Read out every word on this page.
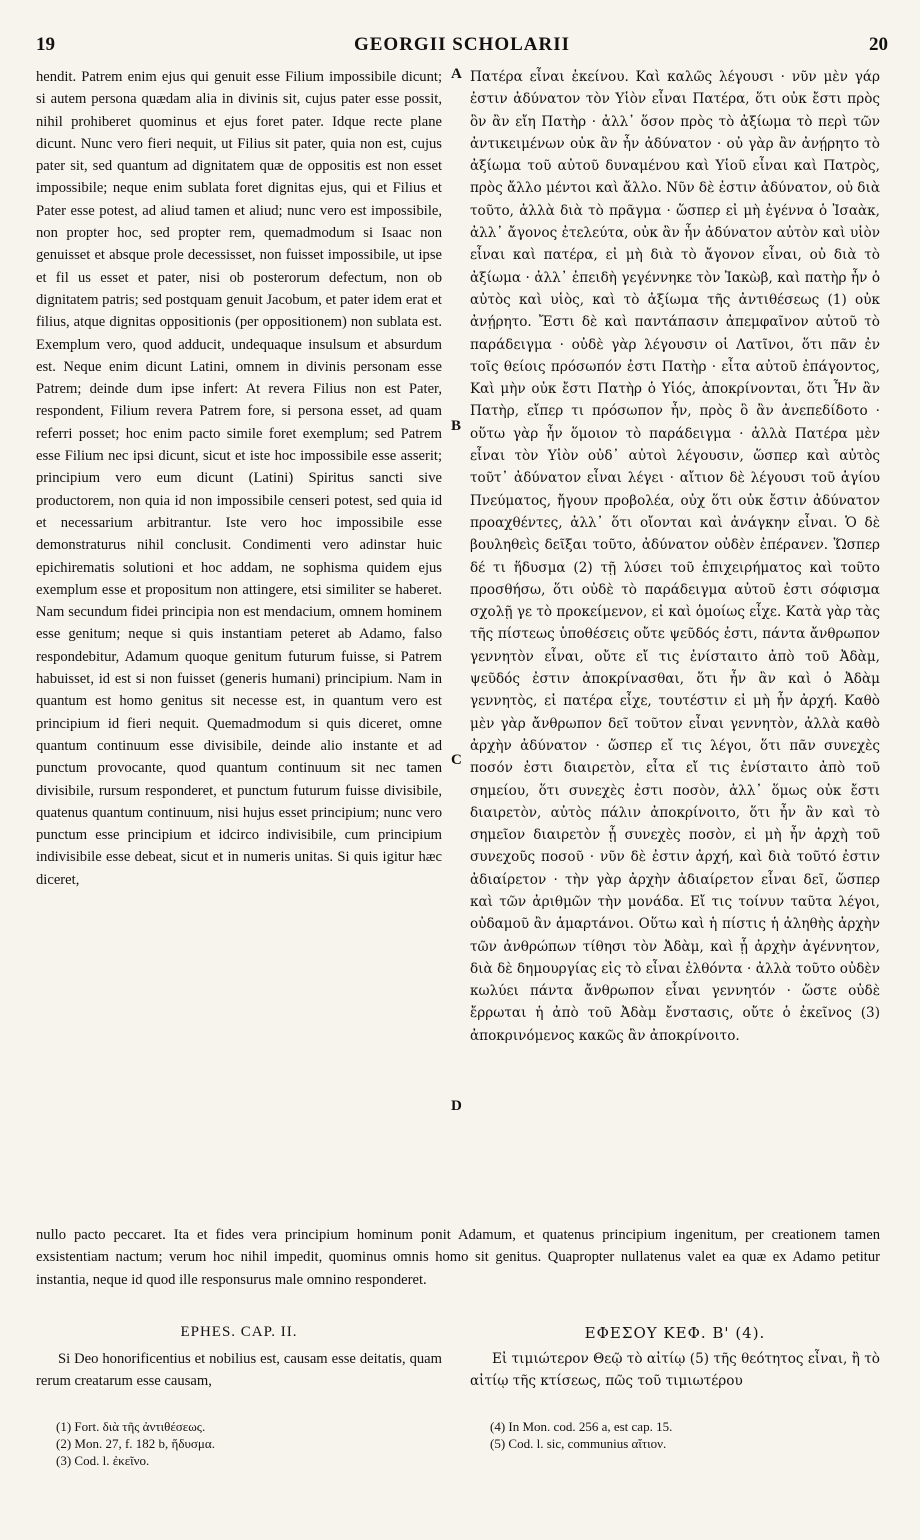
19	GEORGII SCHOLARII	20

hendit. Patrem enim ejus qui genuit esse Filium impossibile dicunt; si autem persona quædam alia in divinis sit, cujus pater esse possit, nihil prohiberet quominus et ejus foret pater. Idque recte plane dicunt. Nunc vero fieri nequit, ut Filius sit pater, quia non est, cujus pater sit, sed quantum ad dignitatem quæ de oppositis est non esset impossibile; neque enim sublata foret dignitas ejus, qui et Filius et Pater esse potest, ad aliud tamen et aliud; nunc vero est impossibile, non propter hoc, sed propter rem, quemadmodum si Isaac non genuisset et absque prole decessisset, non fuisset impossibile, ut ipse et fil us esset et pater, nisi ob posterorum defectum, non ob dignitatem patris; sed postquam genuit Jacobum, et pater idem erat et filius, atque dignitas oppositionis (per oppositionem) non sublata est. Exemplum vero, quod adducit, undequaque insulsum et absurdum est. Neque enim dicunt Latini, omnem in divinis personam esse Patrem; deinde dum ipse infert: At revera Filius non est Pater, respondent, Filium revera Patrem fore, si persona esset, ad quam referri posset; hoc enim pacto simile foret exemplum; sed Patrem esse Filium nec ipsi dicunt, sicut et iste hoc impossibile esse asserit; principium vero eum dicunt (Latini) Spiritus sancti sive productorem, non quia id non impossibile censeri potest, sed quia id et necessarium arbitrantur. Iste vero hoc impossibile esse demonstraturus nihil conclusit. Condimenti vero adinstar huic epichirematis solutioni et hoc addam, ne sophisma quidem ejus exemplum esse et propositum non attingere, etsi similiter se haberet. Nam secundum fidei principia non est mendacium, omnem hominem esse genitum; neque si quis instantiam peteret ab Adamo, falso respondebitur, Adamum quoque genitum futurum fuisse, si Patrem habuisset, id est si non fuisset (generis humani) principium. Nam in quantum est homo genitus sit necesse est, in quantum vero est principium id fieri nequit. Quemadmodum si quis diceret, omne quantum continuum esse divisibile, deinde alio instante et ad punctum provocante, quod quantum continuum sit nec tamen divisibile, rursum responderet, et punctum futurum fuisse divisibile, quatenus quantum continuum, nisi hujus esset principium; nunc vero punctum esse principium et idcirco indivisibile, cum principium indivisibile esse debeat, sicut et in numeris unitas. Si quis igitur hæc diceret,

A
B
C
D

Πατέρα εἶναι ἐκείνου. Καὶ καλῶς λέγουσι · νῦν μὲν γάρ ἐστιν ἀδύνατον τὸν Υἱὸν εἶναι Πατέρα, ὅτι οὐκ ἔστι πρὸς ὃν ἂν εἴη Πατὴρ · ἀλλ᾽ ὅσον πρὸς τὸ ἀξίωμα τὸ περὶ τῶν ἀντικειμένων οὐκ ἂν ἦν ἀδύνατον · οὐ γὰρ ἂν ἀνῄρητο τὸ ἀξίωμα τοῦ αὐτοῦ δυναμένου καὶ Υἱοῦ εἶναι καὶ Πατρὸς, πρὸς ἄλλο μέντοι καὶ ἄλλο. Νῦν δὲ ἐστιν ἀδύνατον, οὐ διὰ τοῦτο, ἀλλὰ διὰ τὸ πρᾶγμα · ὥσπερ εἰ μὴ ἐγέννα ὁ Ἰσαὰκ, ἀλλ᾽ ἄγονος ἐτελεύτα, οὐκ ἂν ἦν ἀδύνατον αὐτὸν καὶ υἱὸν εἶναι καὶ πατέρα, εἰ μὴ διὰ τὸ ἄγονον εἶναι, οὐ διὰ τὸ ἀξίωμα · ἀλλ᾽ ἐπειδὴ γεγέννηκε τὸν Ἰακὼβ, καὶ πατὴρ ἦν ὁ αὐτὸς καὶ υἱὸς, καὶ τὸ ἀξίωμα τῆς ἀντιθέσεως (1) οὐκ ἀνῄρητο. Ἔστι δὲ καὶ παντάπασιν ἀπεμφαῖνον αὐτοῦ τὸ παράδειγμα · οὐδὲ γὰρ λέγουσιν οἱ Λατῖνοι, ὅτι πᾶν ἐν τοῖς θείοις πρόσωπόν ἐστι Πατὴρ · εἶτα αὐτοῦ ἐπάγοντος, Καὶ μὴν οὐκ ἔστι Πατὴρ ὁ Υἱός, ἀποκρίνονται, ὅτι Ἦν ἂν Πατὴρ, εἴπερ τι πρόσωπον ἦν, πρὸς ὃ ἂν ἀνεπεδίδοτο · οὕτω γὰρ ἦν ὅμοιον τὸ παράδειγμα · ἀλλὰ Πατέρα μὲν εἶναι τὸν Υἱὸν οὐδ᾽ αὐτοὶ λέγουσιν, ὥσπερ καὶ αὐτὸς τοῦτ᾽ ἀδύνατον εἶναι λέγει · αἴτιον δὲ λέγουσι τοῦ ἁγίου Πνεύματος, ἤγουν προβολέα, οὐχ ὅτι οὐκ ἔστιν ἀδύνατον προαχθέντες, ἀλλ᾽ ὅτι οἴονται καὶ ἀνάγκην εἶναι. Ὁ δὲ βουληθεὶς δεῖξαι τοῦτο, ἀδύνατον οὐδὲν ἐπέρανεν. Ὥσπερ δέ τι ἥδυσμα (2) τῇ λύσει τοῦ ἐπιχειρήματος καὶ τοῦτο προσθήσω, ὅτι οὐδὲ τὸ παράδειγμα αὐτοῦ ἐστι σόφισμα σχολῇ γε τὸ προκείμενον, εἰ καὶ ὁμοίως εἶχε. Κατὰ γὰρ τὰς τῆς πίστεως ὑποθέσεις οὔτε ψεῦδός ἐστι, πάντα ἄνθρωπον γεννητὸν εἶναι, οὔτε εἴ τις ἐνίσταιτο ἀπὸ τοῦ Ἀδὰμ, ψεῦδός ἐστιν ἀποκρίνασθαι, ὅτι ἦν ἂν καὶ ὁ Ἀδὰμ γεννητὸς, εἰ πατέρα εἶχε, τουτέστιν εἰ μὴ ἦν ἀρχή. Καθὸ μὲν γὰρ ἄνθρωπον δεῖ τοῦτον εἶναι γεννητὸν, ἀλλὰ καθὸ ἀρχὴν ἀδύνατον · ὥσπερ εἴ τις λέγοι, ὅτι πᾶν συνεχὲς ποσόν ἐστι διαιρετὸν, εἶτα εἴ τις ἐνίσταιτο ἀπὸ τοῦ σημείου, ὅτι συνεχὲς ἐστι ποσὸν, ἀλλ᾽ ὅμως οὐκ ἔστι διαιρετὸν, αὐτὸς πάλιν ἀποκρίνοιτο, ὅτι ἦν ἂν καὶ τὸ σημεῖον διαιρετὸν ᾗ συνεχὲς ποσὸν, εἰ μὴ ἦν ἀρχὴ τοῦ συνεχοῦς ποσοῦ · νῦν δὲ ἐστιν ἀρχή, καὶ διὰ τοῦτό ἐστιν ἀδιαίρετον · τὴν γὰρ ἀρχὴν ἀδιαίρετον εἶναι δεῖ, ὥσπερ καὶ τῶν ἀριθμῶν τὴν μονάδα. Εἴ τις τοίνυν ταῦτα λέγοι, οὐδαμοῦ ἂν ἁμαρτάνοι. Οὕτω καὶ ἡ πίστις ἡ ἀληθὴς ἀρχὴν τῶν ἀνθρώπων τίθησι τὸν Ἀδὰμ, καὶ ᾗ ἀρχὴν ἀγέννητον, διὰ δὲ δημουργίας εἰς τὸ εἶναι ἐλθόντα · ἀλλὰ τοῦτο οὐδὲν κωλύει πάντα ἄνθρωπον εἶναι γεννητόν · ὥστε οὐδὲ ἔρρωται ἡ ἀπὸ τοῦ Ἀδὰμ ἔνστασις, οὔτε ὁ ἐκεῖνος (3) ἀποκρινόμενος κακῶς ἂν ἀποκρίνοιτο.

nullo pacto peccaret. Ita et fides vera principium hominum ponit Adamum, et quatenus principium ingenitum, per creationem tamen exsistentiam nactum; verum hoc nihil impedit, quominus omnis homo sit genitus. Quapropter nullatenus valet ea quæ ex Adamo petitur instantia, neque id quod ille responsurus male omnino responderet.

EPHES. CAP. II.	ΕΦΕΣΟΥ ΚΕΦ. Β' (4).

Si Deo honorificentius et nobilius est, causam esse deitatis, quam rerum creatarum esse causam,

Εἰ τιμιώτερον Θεῷ τὸ αἰτίῳ (5) τῆς θεότητος εἶναι, ἢ τὸ αἰτίῳ τῆς κτίσεως, πῶς τοῦ τιμιωτέρου

(1) Fort. διὰ τῆς ἀντιθέσεως.
(2) Mon. 27, f. 182 b, ἥδυσμα.
(3) Cod. l. ἐκεῖνο.
(4) In Mon. cod. 256 a, est cap. 15.
(5) Cod. l. sic, communius αἴτιον.
